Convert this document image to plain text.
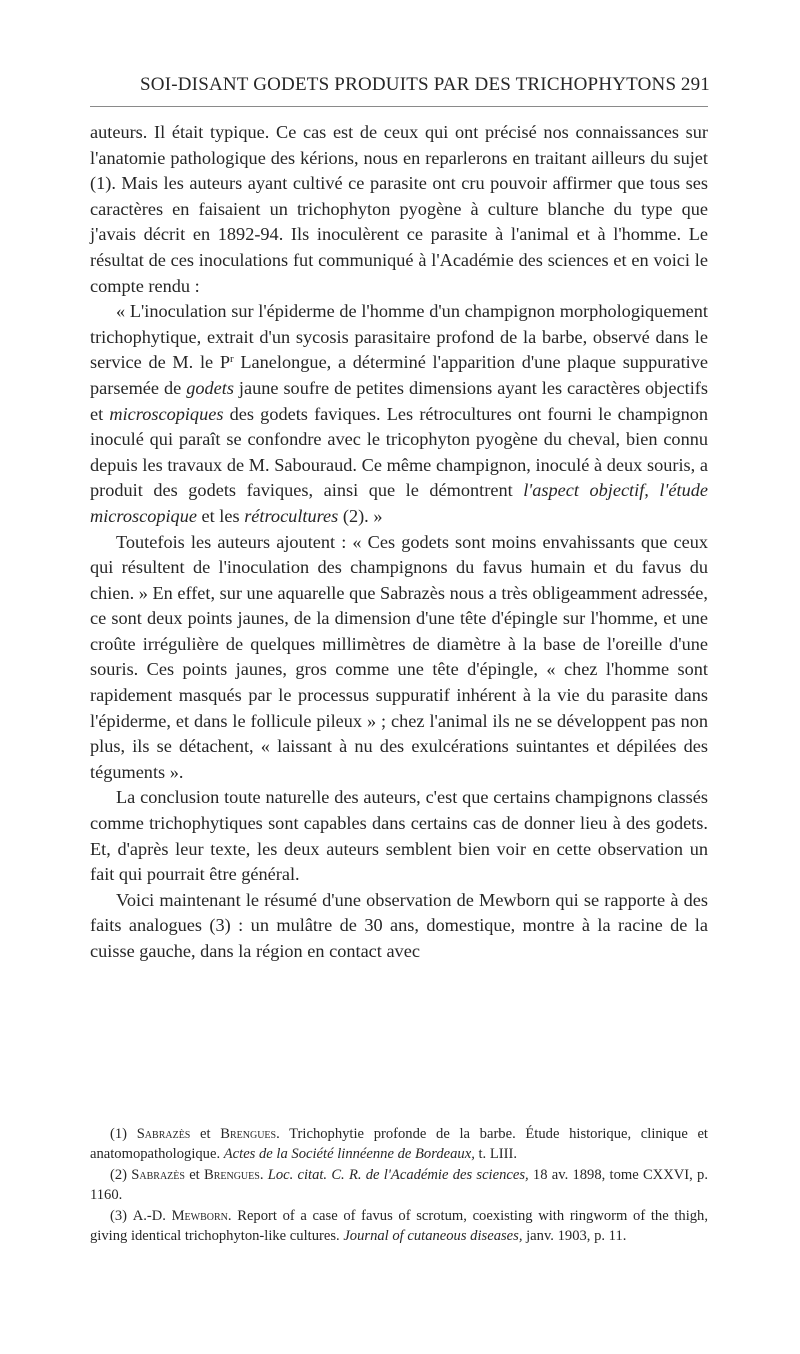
SOI-DISANT GODETS PRODUITS PAR DES TRICHOPHYTONS 291

auteurs. Il était typique. Ce cas est de ceux qui ont précisé nos connaissances sur l'anatomie pathologique des kérions, nous en reparlerons en traitant ailleurs du sujet (1). Mais les auteurs ayant cultivé ce parasite ont cru pouvoir affirmer que tous ses caractères en faisaient un trichophyton pyogène à culture blanche du type que j'avais décrit en 1892-94. Ils inoculèrent ce parasite à l'animal et à l'homme. Le résultat de ces inoculations fut communiqué à l'Académie des sciences et en voici le compte rendu :

« L'inoculation sur l'épiderme de l'homme d'un champignon morphologiquement trichophytique, extrait d'un sycosis parasitaire profond de la barbe, observé dans le service de M. le $P^r$ Lanelongue, a déterminé l'apparition d'une plaque suppurative parsemée de godets jaune soufre de petites dimensions ayant les caractères objectifs et microscopiques des godets faviques. Les rétrocultures ont fourni le champignon inoculé qui paraît se confondre avec le tricophyton pyogène du cheval, bien connu depuis les travaux de M. Sabouraud. Ce même champignon, inoculé à deux souris, a produit des godets faviques, ainsi que le démontrent l'aspect objectif, l'étude microscopique et les rétrocultures (2). »

Toutefois les auteurs ajoutent : « Ces godets sont moins envahissants que ceux qui résultent de l'inoculation des champignons du favus humain et du favus du chien. » En effet, sur une aquarelle que Sabrazès nous a très obligeamment adressée, ce sont deux points jaunes, de la dimension d'une tête d'épingle sur l'homme, et une croûte irrégulière de quelques millimètres de diamètre à la base de l'oreille d'une souris. Ces points jaunes, gros comme une tête d'épingle, « chez l'homme sont rapidement masqués par le processus suppuratif inhérent à la vie du parasite dans l'épiderme, et dans le follicule pileux » ; chez l'animal ils ne se développent pas non plus, ils se détachent, « laissant à nu des exulcérations suintantes et dépilées des téguments ».

La conclusion toute naturelle des auteurs, c'est que certains champignons classés comme trichophytiques sont capables dans certains cas de donner lieu à des godets. Et, d'après leur texte, les deux auteurs semblent bien voir en cette observation un fait qui pourrait être général.

Voici maintenant le résumé d'une observation de Mewborn qui se rapporte à des faits analogues (3) : un mulâtre de 30 ans, domestique, montre à la racine de la cuisse gauche, dans la région en contact avec

(1) Sabrazès et Brengues. Trichophytie profonde de la barbe. Étude historique, clinique et anatomopathologique. Actes de la Société linnéenne de Bordeaux, t. LIII.

(2) Sabrazès et Brengues. Loc. citat. C. R. de l'Académie des sciences, 18 av. 1898, tome CXXVI, p. 1160.

(3) A.-D. Mewborn. Report of a case of favus of scrotum, coexisting with ringworm of the thigh, giving identical trichophyton-like cultures. Journal of cutaneous diseases, janv. 1903, p. 11.
